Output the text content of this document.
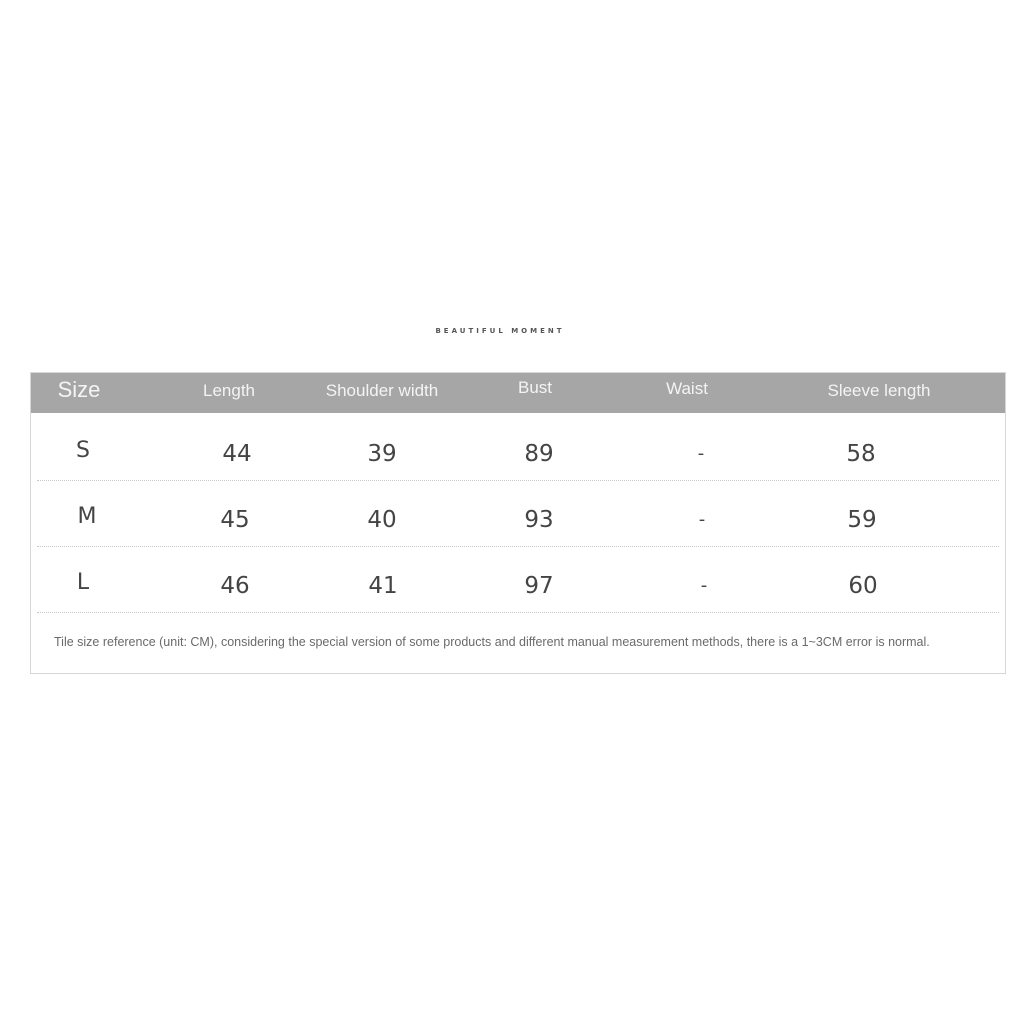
BEAUTIFUL MOMENT
Size	Length	Shoulder width	Bust	Waist	Sleeve length
S	44	39	89	-	58
M	45	40	93	-	59
L	46	41	97	-	60
Tile size reference (unit: CM), considering the special version of some products and different manual measurement methods, there is a 1~3CM error is normal.
